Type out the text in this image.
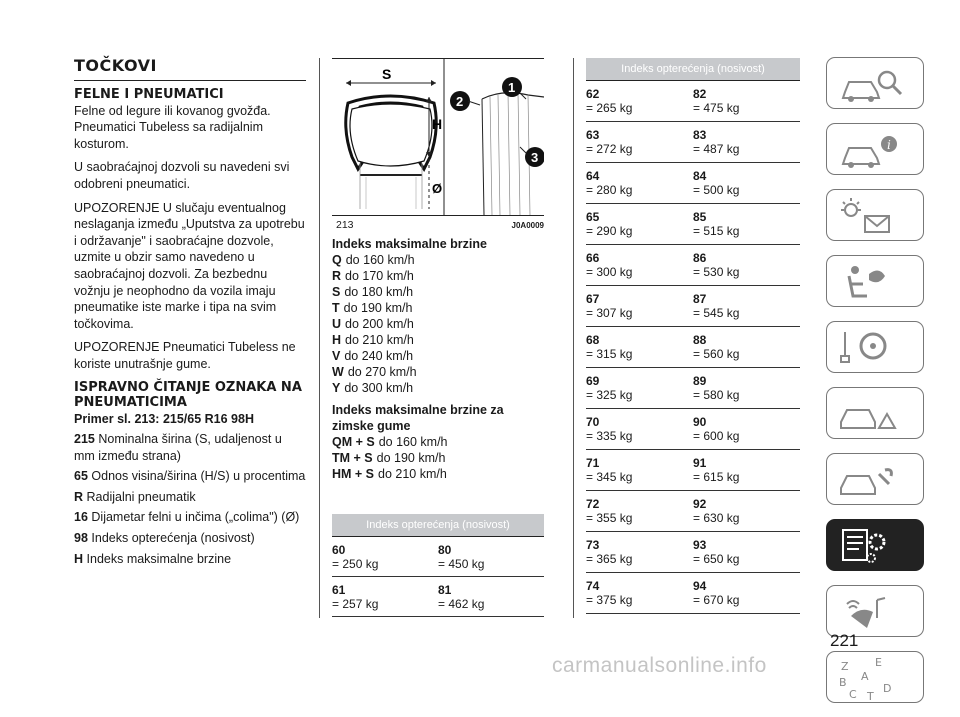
TOČKOVI
FELNE I PNEUMATICI

Felne od legure ili kovanog gvožđa. Pneumatici Tubeless sa radijalnim kosturom.

U saobraćajnoj dozvoli su navedeni svi odobreni pneumatici.

UPOZORENJE U slučaju eventualnog neslaganja između „Uputstva za upotrebu i održavanje" i saobraćajne dozvole, uzmite u obzir samo navedeno u saobraćajnoj dozvoli. Za bezbednu vožnju je neophodno da vozila imaju pneumatike iste marke i tipa na svim točkovima.

UPOZORENJE Pneumatici Tubeless ne koriste unutrašnje gume.

ISPRAVNO ČITANJE OZNAKA NA PNEUMATICIMA
Primer sl. 213: 215/65 R16 98H
215 Nominalna širina (S, udaljenost u mm između strana)
65 Odnos visina/širina (H/S) u procentima
R Radijalni pneumatik
16 Dijametar felni u inčima („colima") (Ø)
98 Indeks opterećenja (nosivost)
H Indeks maksimalne brzine
S
H
Ø
1
2
3
213	J0A0009
Indeks maksimalne brzine
Q do 160 km/h
R do 170 km/h
S do 180 km/h
T do 190 km/h
U do 200 km/h
H do 210 km/h
V do 240 km/h
W do 270 km/h
Y do 300 km/h
Indeks maksimalne brzine za zimske gume
QM + S do 160 km/h
TM + S do 190 km/h
HM + S do 210 km/h
Indeks opterećenja (nosivost)
60
= 250 kg
80
= 450 kg
61
= 257 kg
81
= 462 kg
Indeks opterećenja (nosivost)
62
= 265 kg
82
= 475 kg
63
= 272 kg
83
= 487 kg
64
= 280 kg
84
= 500 kg
65
= 290 kg
85
= 515 kg
66
= 300 kg
86
= 530 kg
67
= 307 kg
87
= 545 kg
68
= 315 kg
88
= 560 kg
69
= 325 kg
89
= 580 kg
70
= 335 kg
90
= 600 kg
71
= 345 kg
91
= 615 kg
72
= 355 kg
92
= 630 kg
73
= 365 kg
93
= 650 kg
74
= 375 kg
94
= 670 kg
i
Z E
A
B
C D
T
221
carmanualsonline.info
